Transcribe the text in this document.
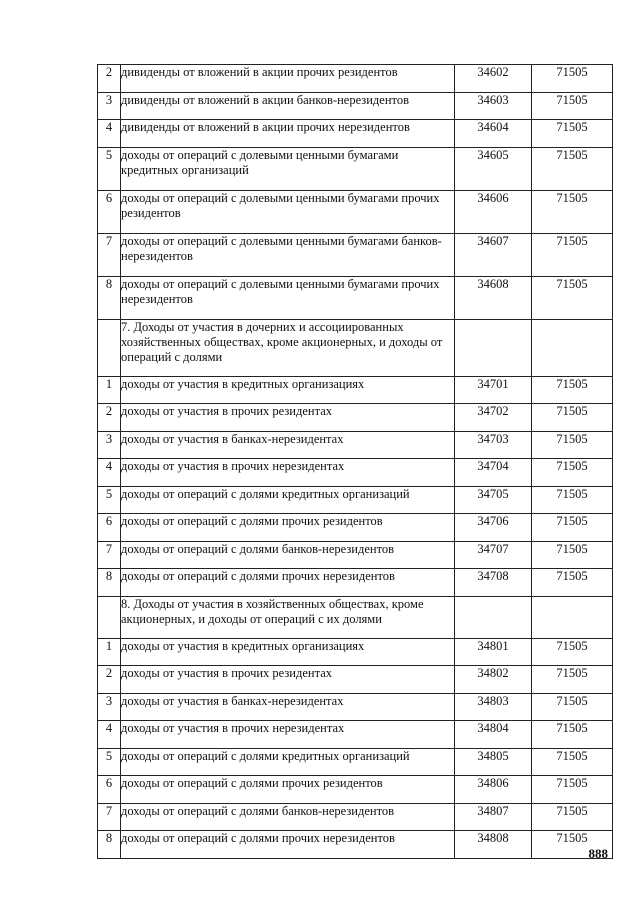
2	дивиденды от вложений в акции прочих резидентов	34602	71505
3	дивиденды от вложений в акции банков-нерезидентов	34603	71505
4	дивиденды от вложений в акции прочих нерезидентов	34604	71505
5	доходы от операций с долевыми ценными бумагами кредитных организаций	34605	71505
6	доходы от операций с долевыми ценными бумагами прочих резидентов	34606	71505
7	доходы от операций с долевыми ценными бумагами банков-нерезидентов	34607	71505
8	доходы от операций с долевыми ценными бумагами прочих нерезидентов	34608	71505
	7. Доходы от участия в дочерних и ассоциированных хозяйственных обществах, кроме акционерных, и доходы от операций с долями		
1	доходы от участия в кредитных организациях	34701	71505
2	доходы от участия в прочих резидентах	34702	71505
3	доходы от участия в банках-нерезидентах	34703	71505
4	доходы от участия в прочих нерезидентах	34704	71505
5	доходы от операций с долями кредитных организаций	34705	71505
6	доходы от операций с долями прочих резидентов	34706	71505
7	доходы от операций с долями банков-нерезидентов	34707	71505
8	доходы от операций с долями прочих нерезидентов	34708	71505
	8. Доходы от участия в хозяйственных обществах, кроме акционерных, и доходы от операций с их долями		
1	доходы от участия в кредитных организациях	34801	71505
2	доходы от участия в прочих резидентах	34802	71505
3	доходы от участия в банках-нерезидентах	34803	71505
4	доходы от участия в прочих нерезидентах	34804	71505
5	доходы от операций с долями кредитных организаций	34805	71505
6	доходы от операций с долями прочих резидентов	34806	71505
7	доходы от операций с долями банков-нерезидентов	34807	71505
8	доходы от операций с долями прочих нерезидентов	34808	71505
888
